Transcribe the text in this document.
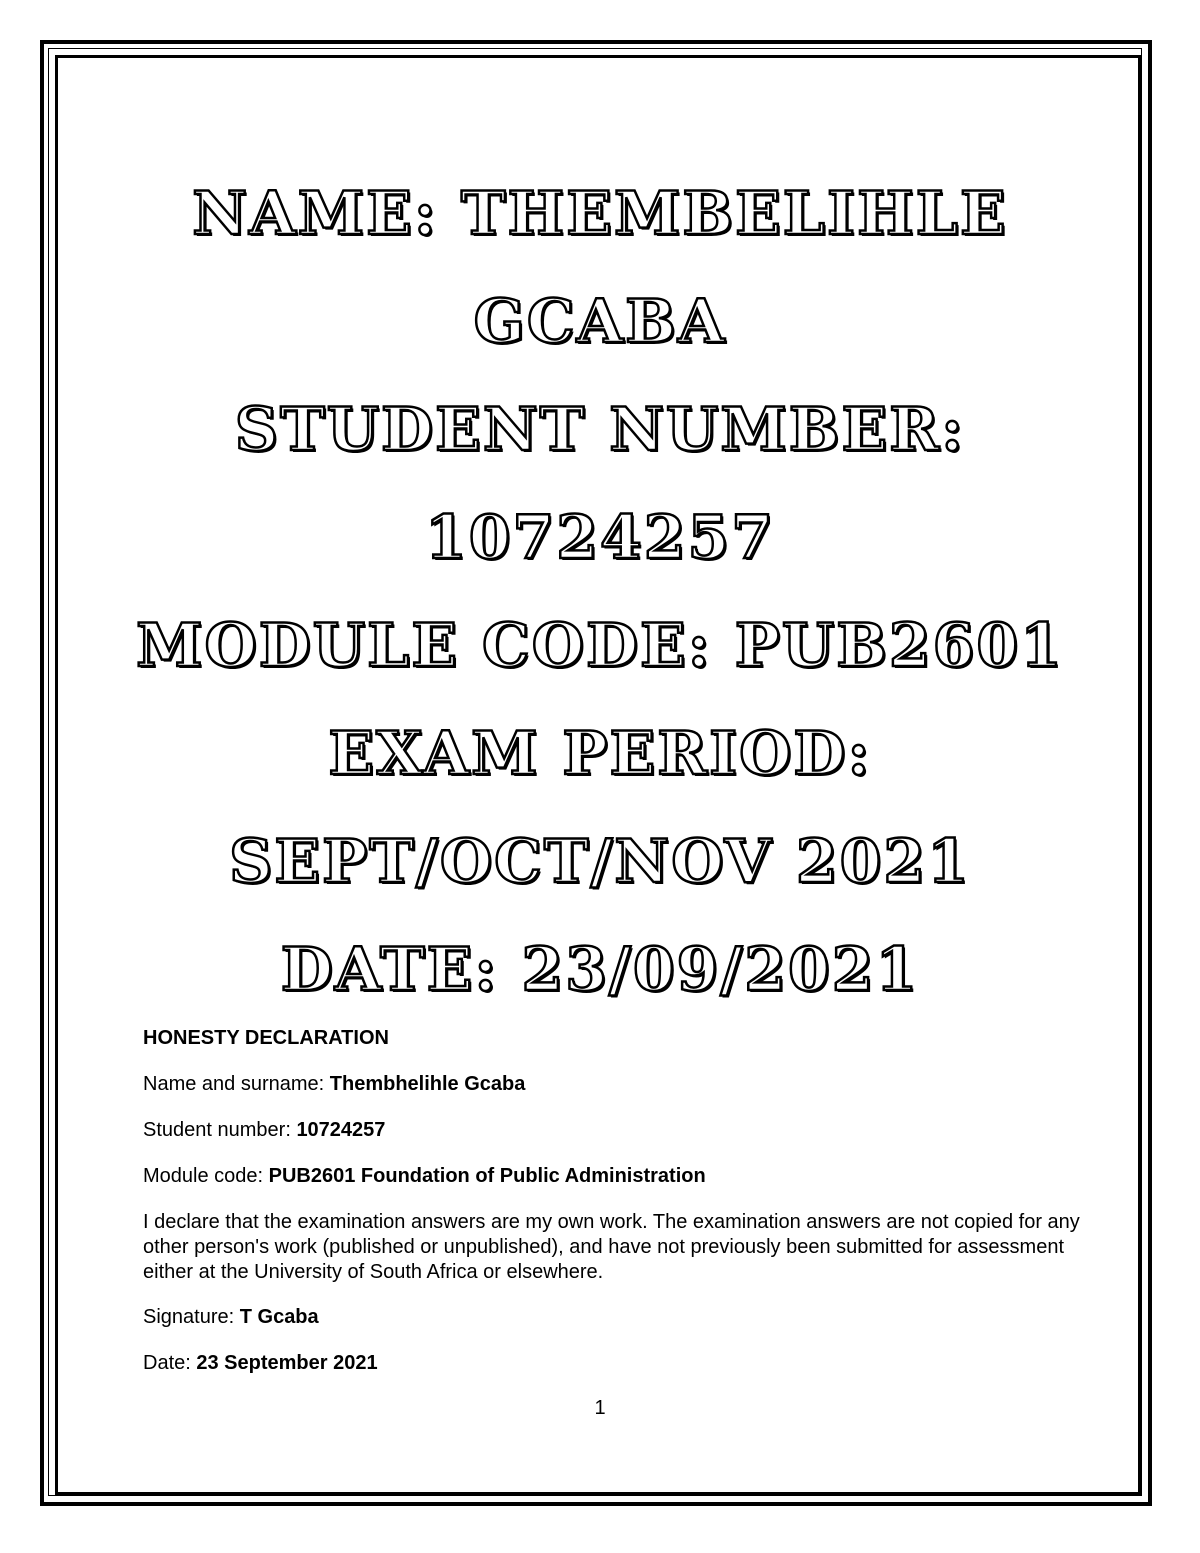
NAME: THEMBELIHLE
GCABA
STUDENT NUMBER:
10724257
MODULE CODE: PUB2601
EXAM PERIOD:
SEPT/OCT/NOV 2021
DATE: 23/09/2021
HONESTY DECLARATION
Name and surname: Thembhelihle Gcaba
Student number: 10724257
Module code: PUB2601 Foundation of Public Administration
I declare that the examination answers are my own work. The examination answers are not copied for any other person's work (published or unpublished), and have not previously been submitted for assessment either at the University of South Africa or elsewhere.
Signature: T Gcaba
Date: 23 September 2021
1
